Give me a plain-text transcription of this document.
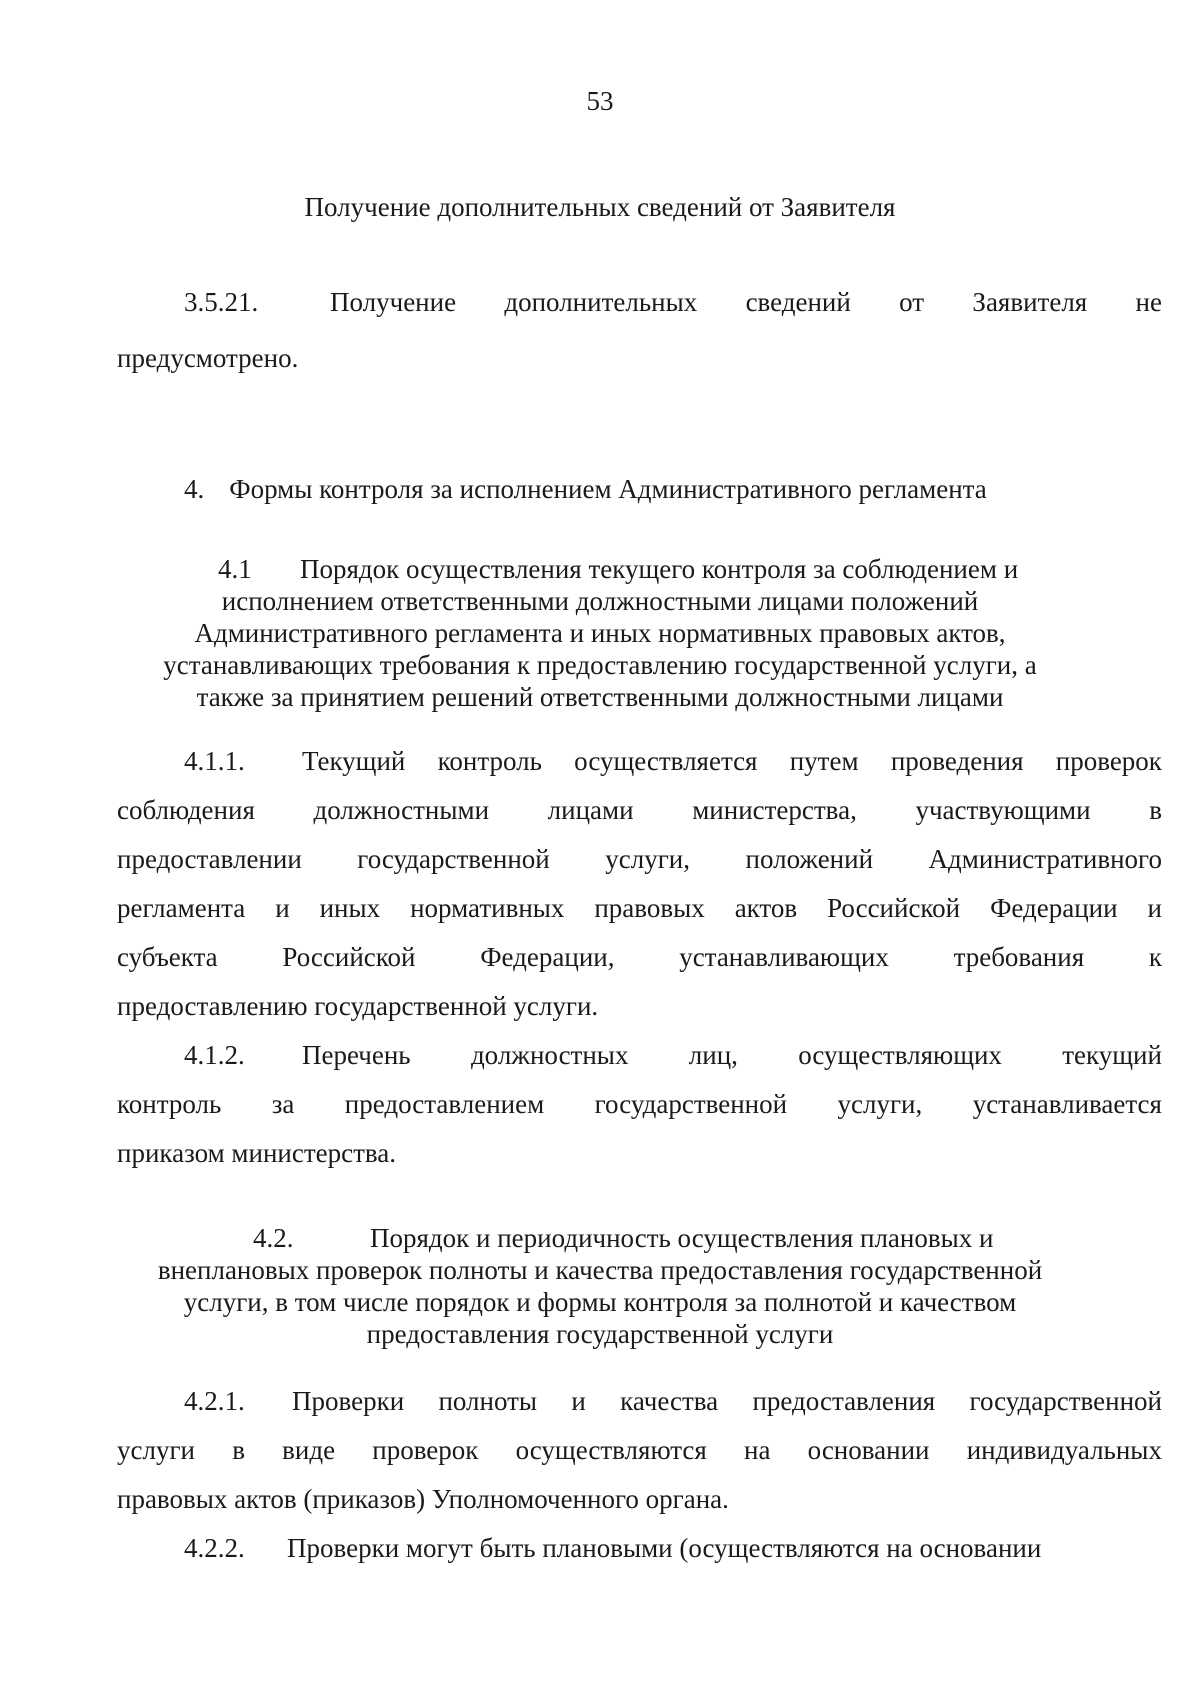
53
Получение дополнительных сведений от Заявителя
3.5.21.	Получение дополнительных сведений от Заявителя не
предусмотрено.
4. Формы контроля за исполнением Административного регламента
4.1 Порядок осуществления текущего контроля за соблюдением и
исполнением ответственными должностными лицами положений
Административного регламента и иных нормативных правовых актов,
устанавливающих требования к предоставлению государственной услуги, а
также за принятием решений ответственными должностными лицами
4.1.1. Текущий контроль осуществляется путем проведения проверок
соблюдения должностными лицами министерства, участвующими в
предоставлении государственной услуги, положений Административного
регламента и иных нормативных правовых актов Российской Федерации и
субъекта Российской Федерации, устанавливающих требования к
предоставлению государственной услуги.
4.1.2. Перечень должностных лиц, осуществляющих текущий
контроль за предоставлением государственной услуги, устанавливается
приказом министерства.
4.2.	Порядок и периодичность осуществления плановых и
внеплановых проверок полноты и качества предоставления государственной
услуги, в том числе порядок и формы контроля за полнотой и качеством
предоставления государственной услуги
4.2.1. Проверки полноты и качества предоставления государственной
услуги в виде проверок осуществляются на основании индивидуальных
правовых актов (приказов) Уполномоченного органа.
4.2.2. Проверки могут быть плановыми (осуществляются на основании
